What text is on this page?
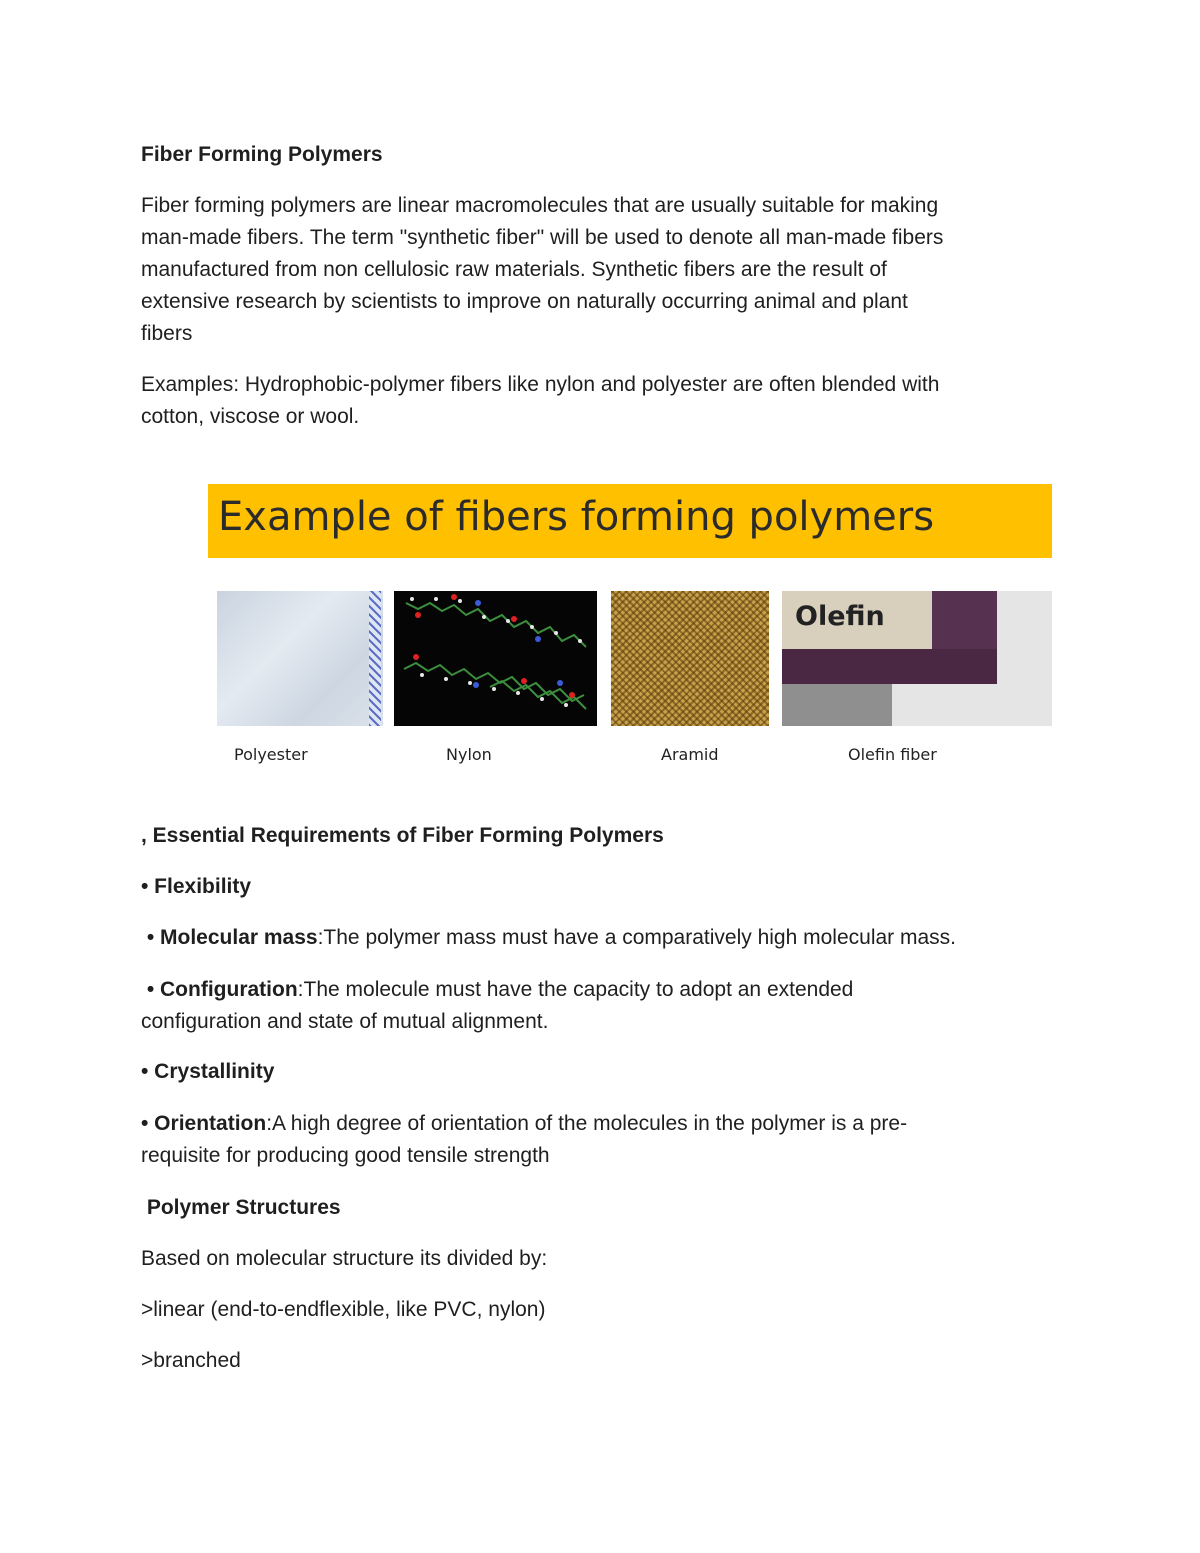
Fiber Forming Polymers
Fiber forming polymers are linear macromolecules that are usually suitable for making
man-made fibers. The term "synthetic fiber" will be used to denote all man-made fibers
manufactured from non cellulosic raw materials. Synthetic fibers are the result of
extensive research by scientists to improve on naturally occurring animal and plant
fibers
Examples: Hydrophobic-polymer fibers like nylon and polyester are often blended with
cotton, viscose or wool.
Example of fibers forming polymers
Olefin
Polyester	Nylon	Aramid	Olefin fiber
, Essential Requirements of Fiber Forming Polymers
• Flexibility
• Molecular mass:The polymer mass must have a comparatively high molecular mass.
• Configuration:The molecule must have the capacity to adopt an extended
configuration and state of mutual alignment.
• Crystallinity
• Orientation:A high degree of orientation of the molecules in the polymer is a pre-
requisite for producing good tensile strength
Polymer Structures
Based on molecular structure its divided by:
>linear (end-to-endflexible, like PVC, nylon)
>branched
